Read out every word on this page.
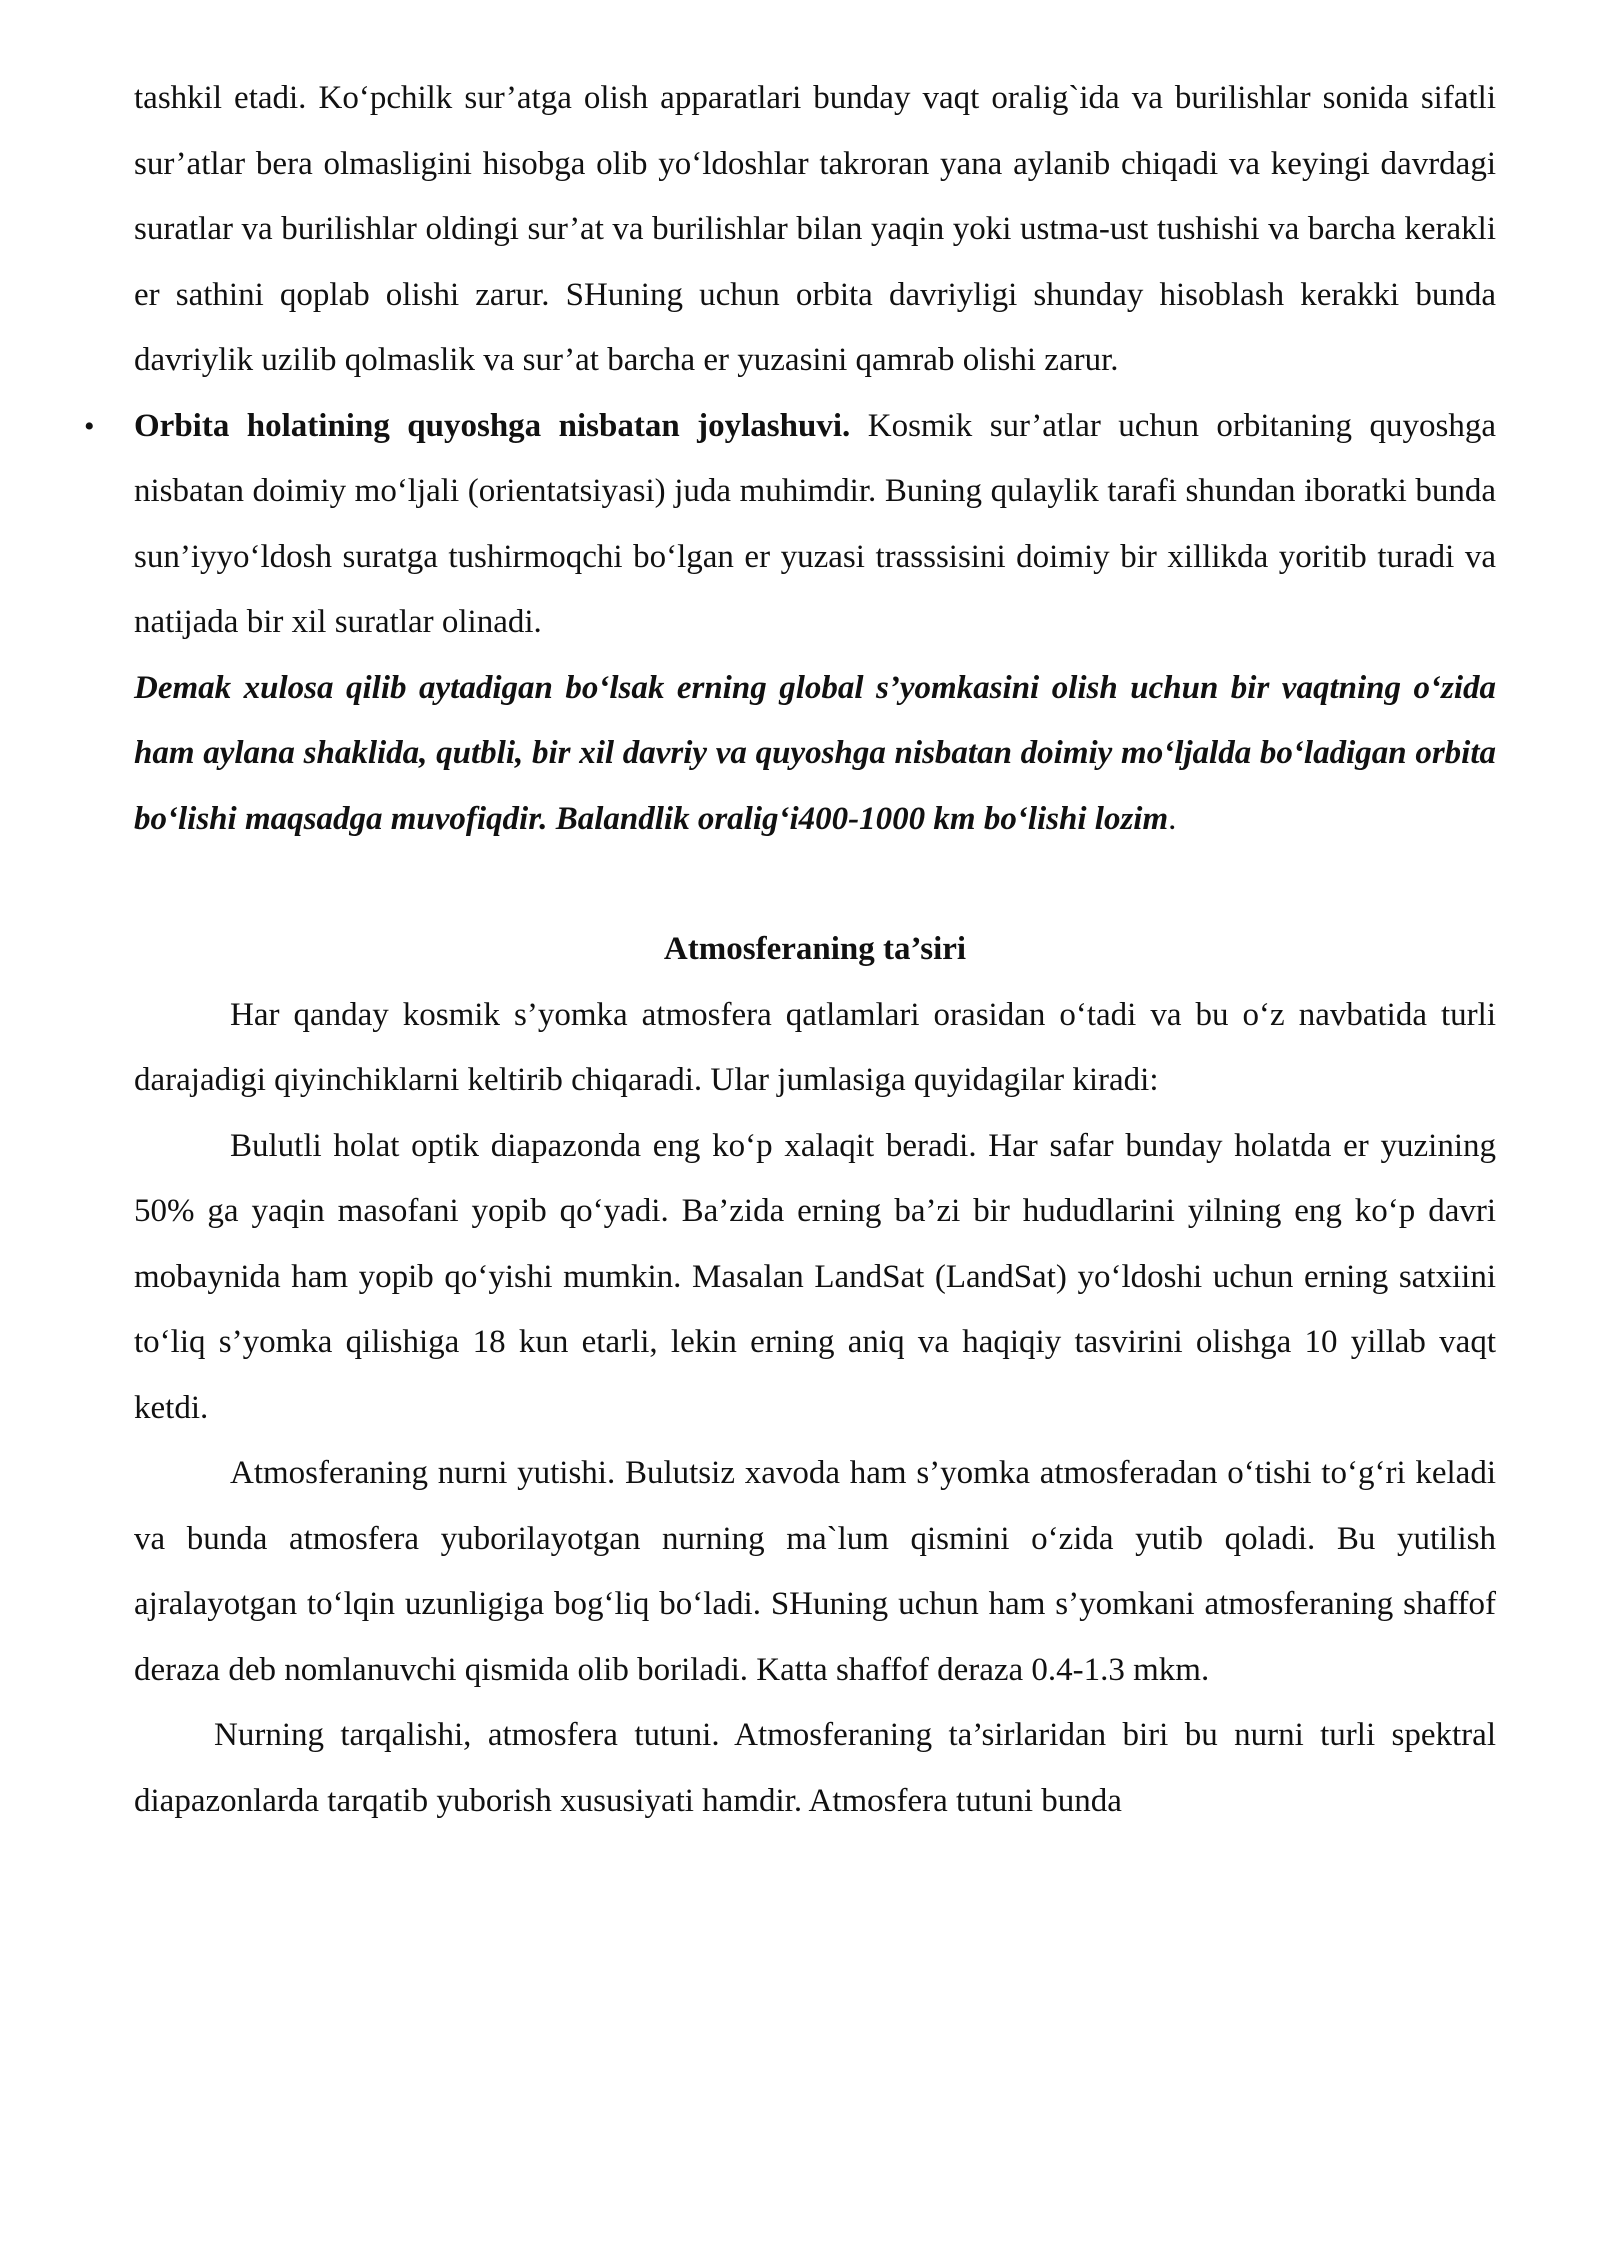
tashkil etadi. Ko‘pchilk sur’atga olish apparatlari bunday vaqt oralig`ida va burilishlar sonida sifatli sur’atlar bera olmasligini hisobga olib yo‘ldoshlar takroran yana aylanib chiqadi va keyingi davrdagi suratlar va burilishlar oldingi sur’at va burilishlar bilan yaqin yoki ustma-ust tushishi va barcha kerakli er sathini qoplab olishi zarur. SHuning uchun orbita davriyligi shunday hisoblash kerakki bunda davriylik uzilib qolmaslik va sur’at barcha er yuzasini qamrab olishi zarur.

• Orbita holatining quyoshga nisbatan joylashuvi. Kosmik sur’atlar uchun orbitaning quyoshga nisbatan doimiy mo‘ljali (orientatsiyasi) juda muhimdir. Buning qulaylik tarafi shundan iboratki bunda sun’iyyo‘ldosh suratga tushirmoqchi bo‘lgan er yuzasi trasssisini doimiy bir xillikda yoritib turadi va natijada bir xil suratlar olinadi.

Demak xulosa qilib aytadigan bo‘lsak erning global s’yomkasini olish uchun bir vaqtning o‘zida ham aylana shaklida, qutbli, bir xil davriy va quyoshga nisbatan doimiy mo‘ljalda bo‘ladigan orbita bo‘lishi maqsadga muvofiqdir. Balandlik oralig‘i400-1000 km bo‘lishi lozim.

Atmosferaning ta’siri

Har qanday kosmik s’yomka atmosfera qatlamlari orasidan o‘tadi va bu o‘z navbatida turli darajadigi qiyinchiklarni keltirib chiqaradi. Ular jumlasiga quyidagilar kiradi:

Bulutli holat optik diapazonda eng ko‘p xalaqit beradi. Har safar bunday holatda er yuzining 50% ga yaqin masofani yopib qo‘yadi. Ba’zida erning ba’zi bir hududlarini yilning eng ko‘p davri mobaynida ham yopib qo‘yishi mumkin. Masalan LandSat (LandSat) yo‘ldoshi uchun erning satxiini to‘liq s’yomka qilishiga 18 kun etarli, lekin erning aniq va haqiqiy tasvirini olishga 10 yillab vaqt ketdi.

Atmosferaning nurni yutishi. Bulutsiz xavoda ham s’yomka atmosferadan o‘tishi to‘g‘ri keladi va bunda atmosfera yuborilayotgan nurning ma`lum qismini o‘zida yutib qoladi. Bu yutilish ajralayotgan to‘lqin uzunligiga bog‘liq bo‘ladi. SHuning uchun ham s’yomkani atmosferaning shaffof deraza deb nomlanuvchi qismida olib boriladi. Katta shaffof deraza 0.4-1.3 mkm.

Nurning tarqalishi, atmosfera tutuni. Atmosferaning ta’sirlaridan biri bu nurni turli spektral diapazonlarda tarqatib yuborish xususiyati hamdir. Atmosfera tutuni bunda
